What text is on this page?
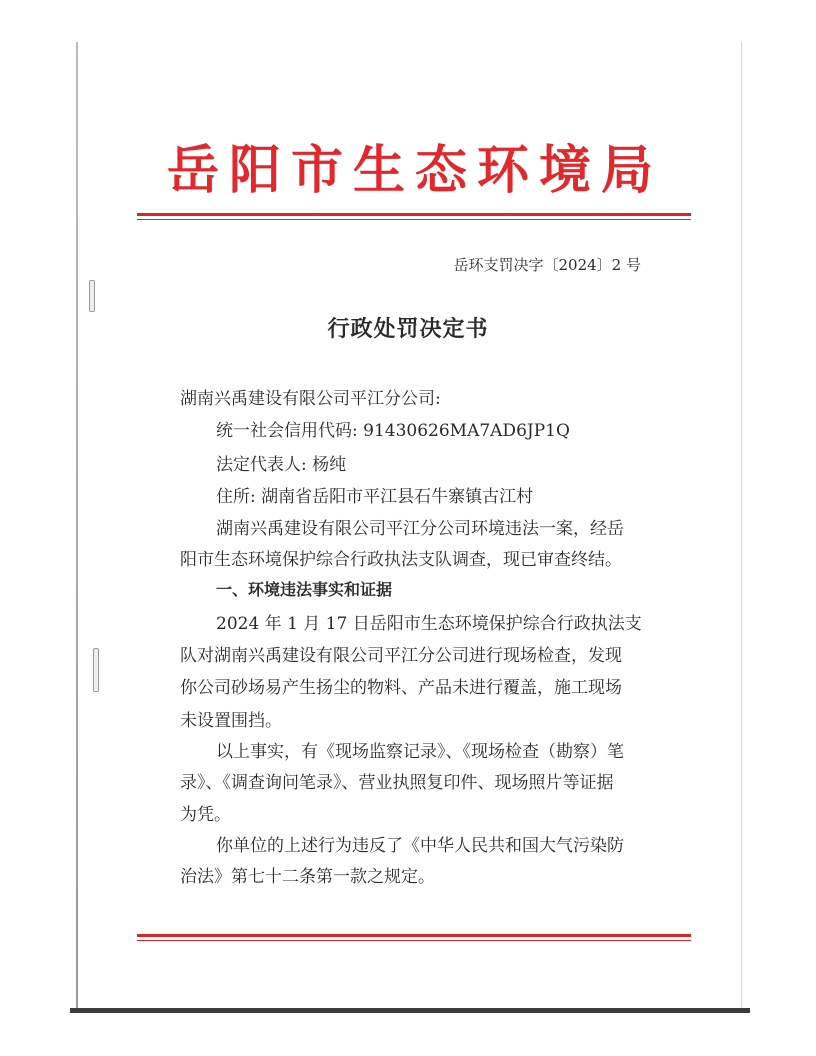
岳阳市生态环境局
岳环支罚决字〔2024〕2 号
行政处罚决定书
湖南兴禹建设有限公司平江分公司:
统一社会信用代码: 91430626MA7AD6JP1Q
法定代表人: 杨纯
住所: 湖南省岳阳市平江县石牛寨镇古江村
湖南兴禹建设有限公司平江分公司环境违法一案，经岳
阳市生态环境保护综合行政执法支队调查，现已审查终结。
一、环境违法事实和证据
2024 年 1 月 17 日岳阳市生态环境保护综合行政执法支
队对湖南兴禹建设有限公司平江分公司进行现场检查，发现
你公司砂场易产生扬尘的物料、产品未进行覆盖，施工现场
未设置围挡。
以上事实，有《现场监察记录》、《现场检查（勘察）笔
录》、《调查询问笔录》、营业执照复印件、现场照片等证据
为凭。
你单位的上述行为违反了《中华人民共和国大气污染防
治法》第七十二条第一款之规定。
